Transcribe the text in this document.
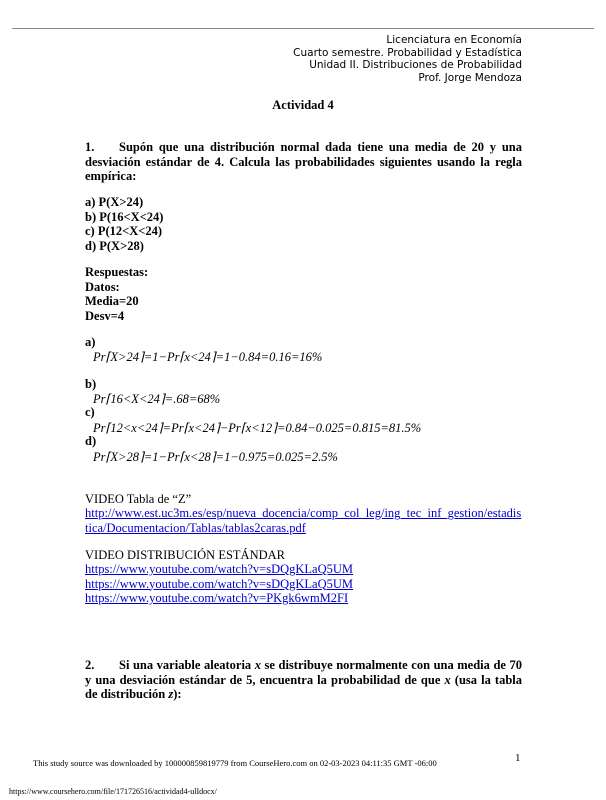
Licenciatura en Economía
Cuarto semestre. Probabilidad y Estadística
Unidad II. Distribuciones de Probabilidad
Prof. Jorge Mendoza
Actividad 4
1. Supón que una distribución normal dada tiene una media de 20 y una desviación estándar de 4. Calcula las probabilidades siguientes usando la regla empírica:
a) P(X>24)
b) P(16<X<24)
c) P(12<X<24)
d) P(X>28)
Respuestas:
Datos:
Media=20
Desv=4
a)
Pr⌈X>24⌉=1−Pr⌈x<24⌉=1−0.84=0.16=16%
b)
Pr⌈16<X<24⌉=.68=68%
c)
Pr⌈12<x<24⌉=Pr⌈x<24⌉−Pr⌈x<12⌉=0.84−0.025=0.815=81.5%
d)
Pr⌈X>28⌉=1−Pr⌈x<28⌉=1−0.975=0.025=2.5%
VIDEO Tabla de “Z”
http://www.est.uc3m.es/esp/nueva_docencia/comp_col_leg/ing_tec_inf_gestion/estadistica/Documentacion/Tablas/tablas2caras.pdf
VIDEO DISTRIBUCIÓN ESTÁNDAR
https://www.youtube.com/watch?v=sDQgKLaQ5UM
https://www.youtube.com/watch?v=sDQgKLaQ5UM
https://www.youtube.com/watch?v=PKgk6wmM2FI
2. Si una variable aleatoria x se distribuye normalmente con una media de 70 y una desviación estándar de 5, encuentra la probabilidad de que x (usa la tabla de distribución z):
1
This study source was downloaded by 100000859819779 from CourseHero.com on 02-03-2023 04:11:35 GMT -06:00
https://www.coursehero.com/file/171726516/actividad4-ulIdocx/
